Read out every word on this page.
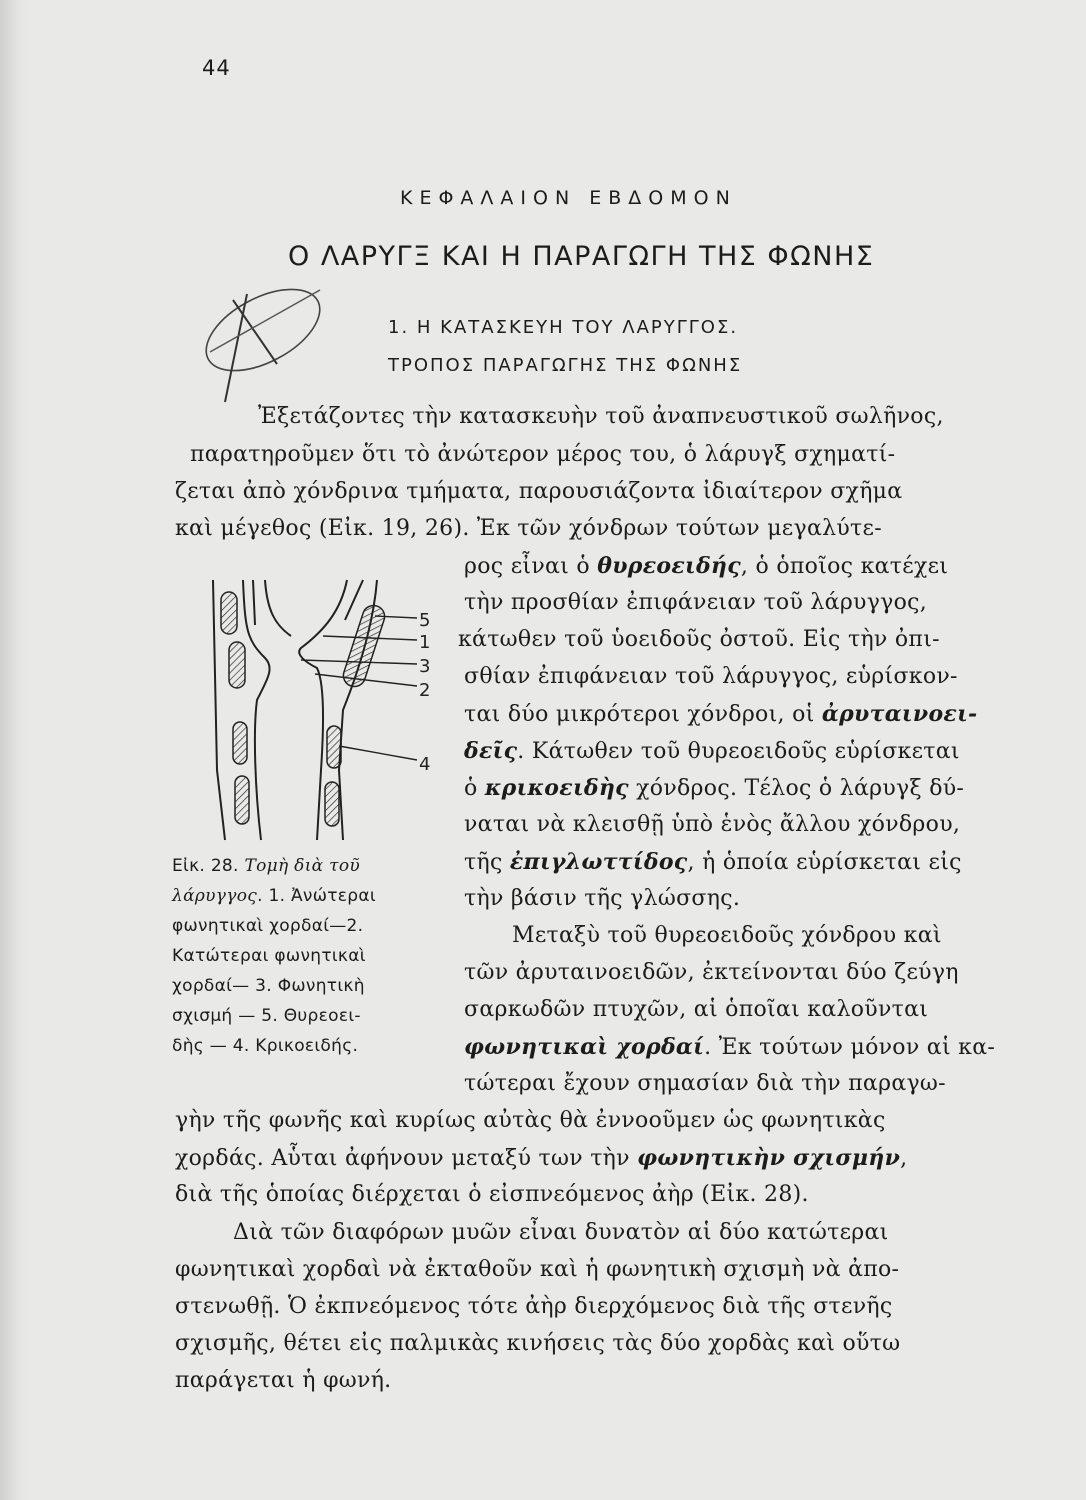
44
ΚΕΦΑΛΑΙΟΝ ΕΒΔΟΜΟΝ
Ο ΛΑΡΥΓΞ ΚΑΙ Η ΠΑΡΑΓΩΓΗ ΤΗΣ ΦΩΝΗΣ
1. Η ΚΑΤΑΣΚΕΥΗ ΤΟΥ ΛΑΡΥΓΓΟΣ.
ΤΡΟΠΟΣ ΠΑΡΑΓΩΓΗΣ ΤΗΣ ΦΩΝΗΣ
Ἐξετάζοντες τὴν κατασκευὴν τοῦ ἀναπνευστικοῦ σωλῆνος,
παρατηροῦμεν ὅτι τὸ ἀνώτερον μέρος του, ὁ λάρυγξ σχηματί-
ζεται ἀπὸ χόνδρινα τμήματα, παρουσιάζοντα ἰδιαίτερον σχῆμα
καὶ μέγεθος (Εἰκ. 19, 26). Ἐκ τῶν χόνδρων τούτων μεγαλύτε-
ρος εἶναι ὁ θυρεοειδής, ὁ ὁποῖος κατέχει
τὴν προσθίαν ἐπιφάνειαν τοῦ λάρυγγος,
κάτωθεν τοῦ ὑοειδοῦς ὀστοῦ. Εἰς τὴν ὀπι-
σθίαν ἐπιφάνειαν τοῦ λάρυγγος, εὑρίσκον-
ται δύο μικρότεροι χόνδροι, οἱ ἀρυταινοει-
δεῖς. Κάτωθεν τοῦ θυρεοειδοῦς εὑρίσκεται
ὁ κρικοειδὴς χόνδρος. Τέλος ὁ λάρυγξ δύ-
ναται νὰ κλεισθῇ ὑπὸ ἑνὸς ἄλλου χόνδρου,
τῆς ἐπιγλωττίδος, ἡ ὁποία εὑρίσκεται εἰς
τὴν βάσιν τῆς γλώσσης.
Μεταξὺ τοῦ θυρεοειδοῦς χόνδρου καὶ
τῶν ἀρυταινοειδῶν, ἐκτείνονται δύο ζεύγη
σαρκωδῶν πτυχῶν, αἱ ὁποῖαι καλοῦνται
φωνητικαὶ χορδαί. Ἐκ τούτων μόνον αἱ κα-
τώτεραι ἔχουν σημασίαν διὰ τὴν παραγω-
γὴν τῆς φωνῆς καὶ κυρίως αὐτὰς θὰ ἐννοοῦμεν ὡς φωνητικὰς
χορδάς. Αὗται ἀφήνουν μεταξύ των τὴν φωνητικὴν σχισμήν,
διὰ τῆς ὁποίας διέρχεται ὁ εἰσπνεόμενος ἀὴρ (Εἰκ. 28).
Διὰ τῶν διαφόρων μυῶν εἶναι δυνατὸν αἱ δύο κατώτεραι
φωνητικαὶ χορδαὶ νὰ ἐκταθοῦν καὶ ἡ φωνητικὴ σχισμὴ νὰ ἀπο-
στενωθῇ. Ὁ ἐκπνεόμενος τότε ἀὴρ διερχόμενος διὰ τῆς στενῆς
σχισμῆς, θέτει εἰς παλμικὰς κινήσεις τὰς δύο χορδὰς καὶ οὕτω
παράγεται ἡ φωνή.
5
1
3
2
4
Εἰκ. 28. Τομὴ διὰ τοῦ
λάρυγγος. 1. Ἀνώτεραι
φωνητικαὶ χορδαί—2.
Κατώτεραι φωνητικαὶ
χορδαί— 3. Φωνητικὴ
σχισμή — 5. Θυρεοει-
δὴς — 4. Κρικοειδής.
